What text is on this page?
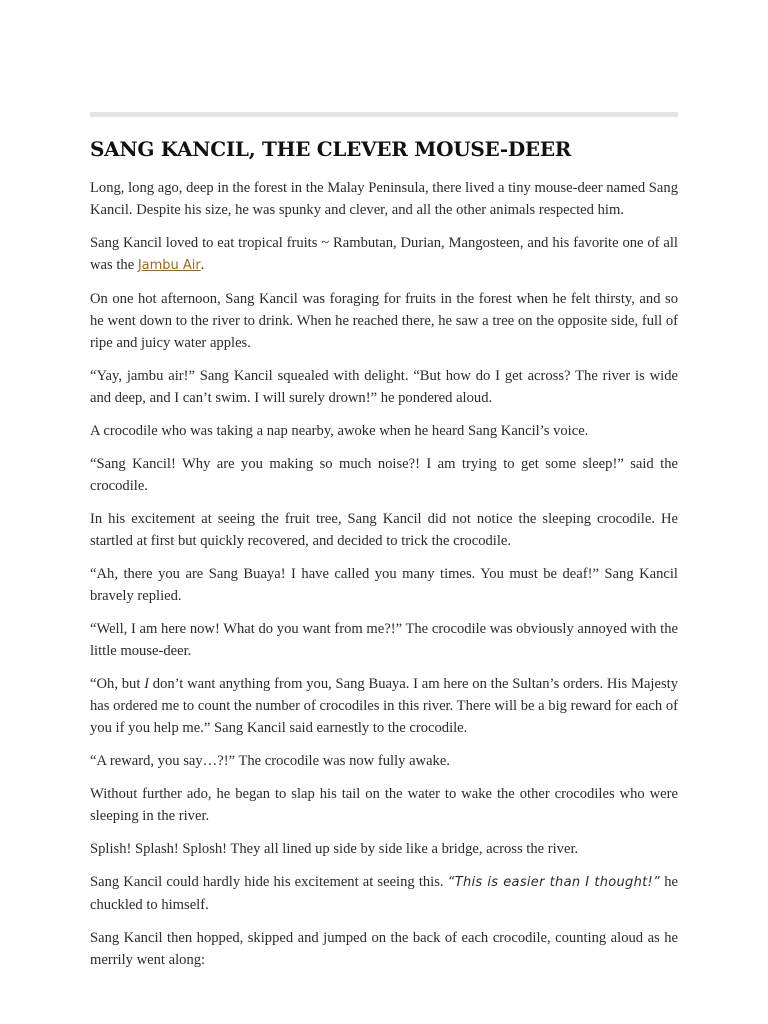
SANG KANCIL, THE CLEVER MOUSE-DEER

Long, long ago, deep in the forest in the Malay Peninsula, there lived a tiny mouse-deer named Sang Kancil. Despite his size, he was spunky and clever, and all the other animals respected him.

Sang Kancil loved to eat tropical fruits ~ Rambutan, Durian, Mangosteen, and his favorite one of all was the Jambu Air.

On one hot afternoon, Sang Kancil was foraging for fruits in the forest when he felt thirsty, and so he went down to the river to drink. When he reached there, he saw a tree on the opposite side, full of ripe and juicy water apples.

“Yay, jambu air!” Sang Kancil squealed with delight. “But how do I get across? The river is wide and deep, and I can’t swim. I will surely drown!” he pondered aloud.

A crocodile who was taking a nap nearby, awoke when he heard Sang Kancil’s voice.

“Sang Kancil! Why are you making so much noise?! I am trying to get some sleep!” said the crocodile.

In his excitement at seeing the fruit tree, Sang Kancil did not notice the sleeping crocodile. He startled at first but quickly recovered, and decided to trick the crocodile.

“Ah, there you are Sang Buaya! I have called you many times. You must be deaf!” Sang Kancil bravely replied.

“Well, I am here now! What do you want from me?!” The crocodile was obviously annoyed with the little mouse-deer.

“Oh, but I don’t want anything from you, Sang Buaya. I am here on the Sultan’s orders. His Majesty has ordered me to count the number of crocodiles in this river. There will be a big reward for each of you if you help me.” Sang Kancil said earnestly to the crocodile.

“A reward, you say…?!” The crocodile was now fully awake.

Without further ado, he began to slap his tail on the water to wake the other crocodiles who were sleeping in the river.

Splish! Splash! Splosh! They all lined up side by side like a bridge, across the river.

Sang Kancil could hardly hide his excitement at seeing this. “This is easier than I thought!” he chuckled to himself.

Sang Kancil then hopped, skipped and jumped on the back of each crocodile, counting aloud as he merrily went along:
